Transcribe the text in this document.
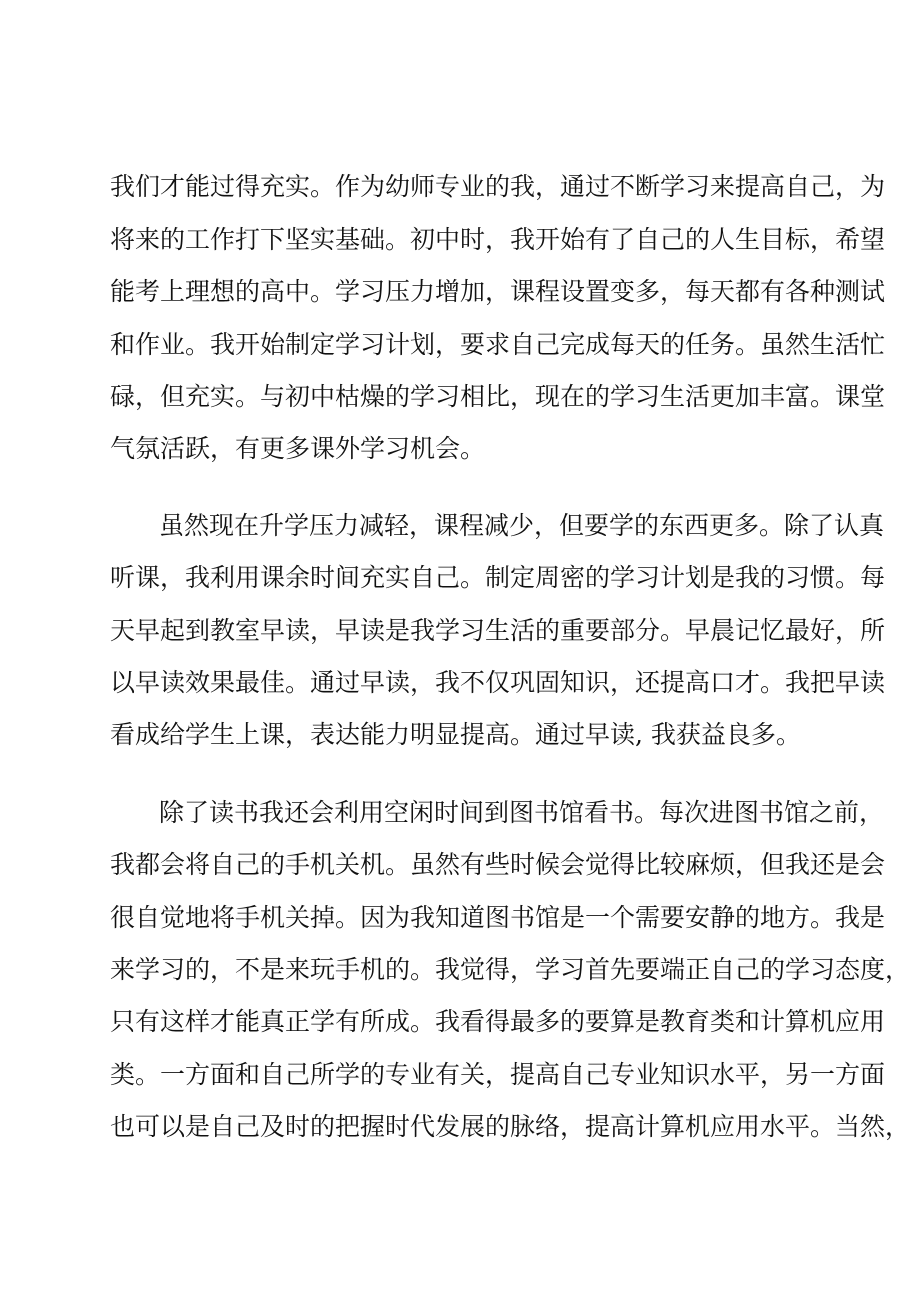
我们才能过得充实。作为幼师专业的我，通过不断学习来提高自己，为
将来的工作打下坚实基础。初中时，我开始有了自己的人生目标，希望
能考上理想的高中。学习压力增加，课程设置变多，每天都有各种测试
和作业。我开始制定学习计划，要求自己完成每天的任务。虽然生活忙
碌，但充实。与初中枯燥的学习相比，现在的学习生活更加丰富。课堂
气氛活跃，有更多课外学习机会。
虽然现在升学压力减轻，课程减少，但要学的东西更多。除了认真
听课，我利用课余时间充实自己。制定周密的学习计划是我的习惯。每
天早起到教室早读，早读是我学习生活的重要部分。早晨记忆最好，所
以早读效果最佳。通过早读，我不仅巩固知识，还提高口才。我把早读
看成给学生上课，表达能力明显提高。通过早读, 我获益良多。
除了读书我还会利用空闲时间到图书馆看书。每次进图书馆之前，
我都会将自己的手机关机。虽然有些时候会觉得比较麻烦，但我还是会
很自觉地将手机关掉。因为我知道图书馆是一个需要安静的地方。我是
来学习的，不是来玩手机的。我觉得，学习首先要端正自己的学习态度，
只有这样才能真正学有所成。我看得最多的要算是教育类和计算机应用
类。一方面和自己所学的专业有关，提高自己专业知识水平，另一方面
也可以是自己及时的把握时代发展的脉络，提高计算机应用水平。当然，
